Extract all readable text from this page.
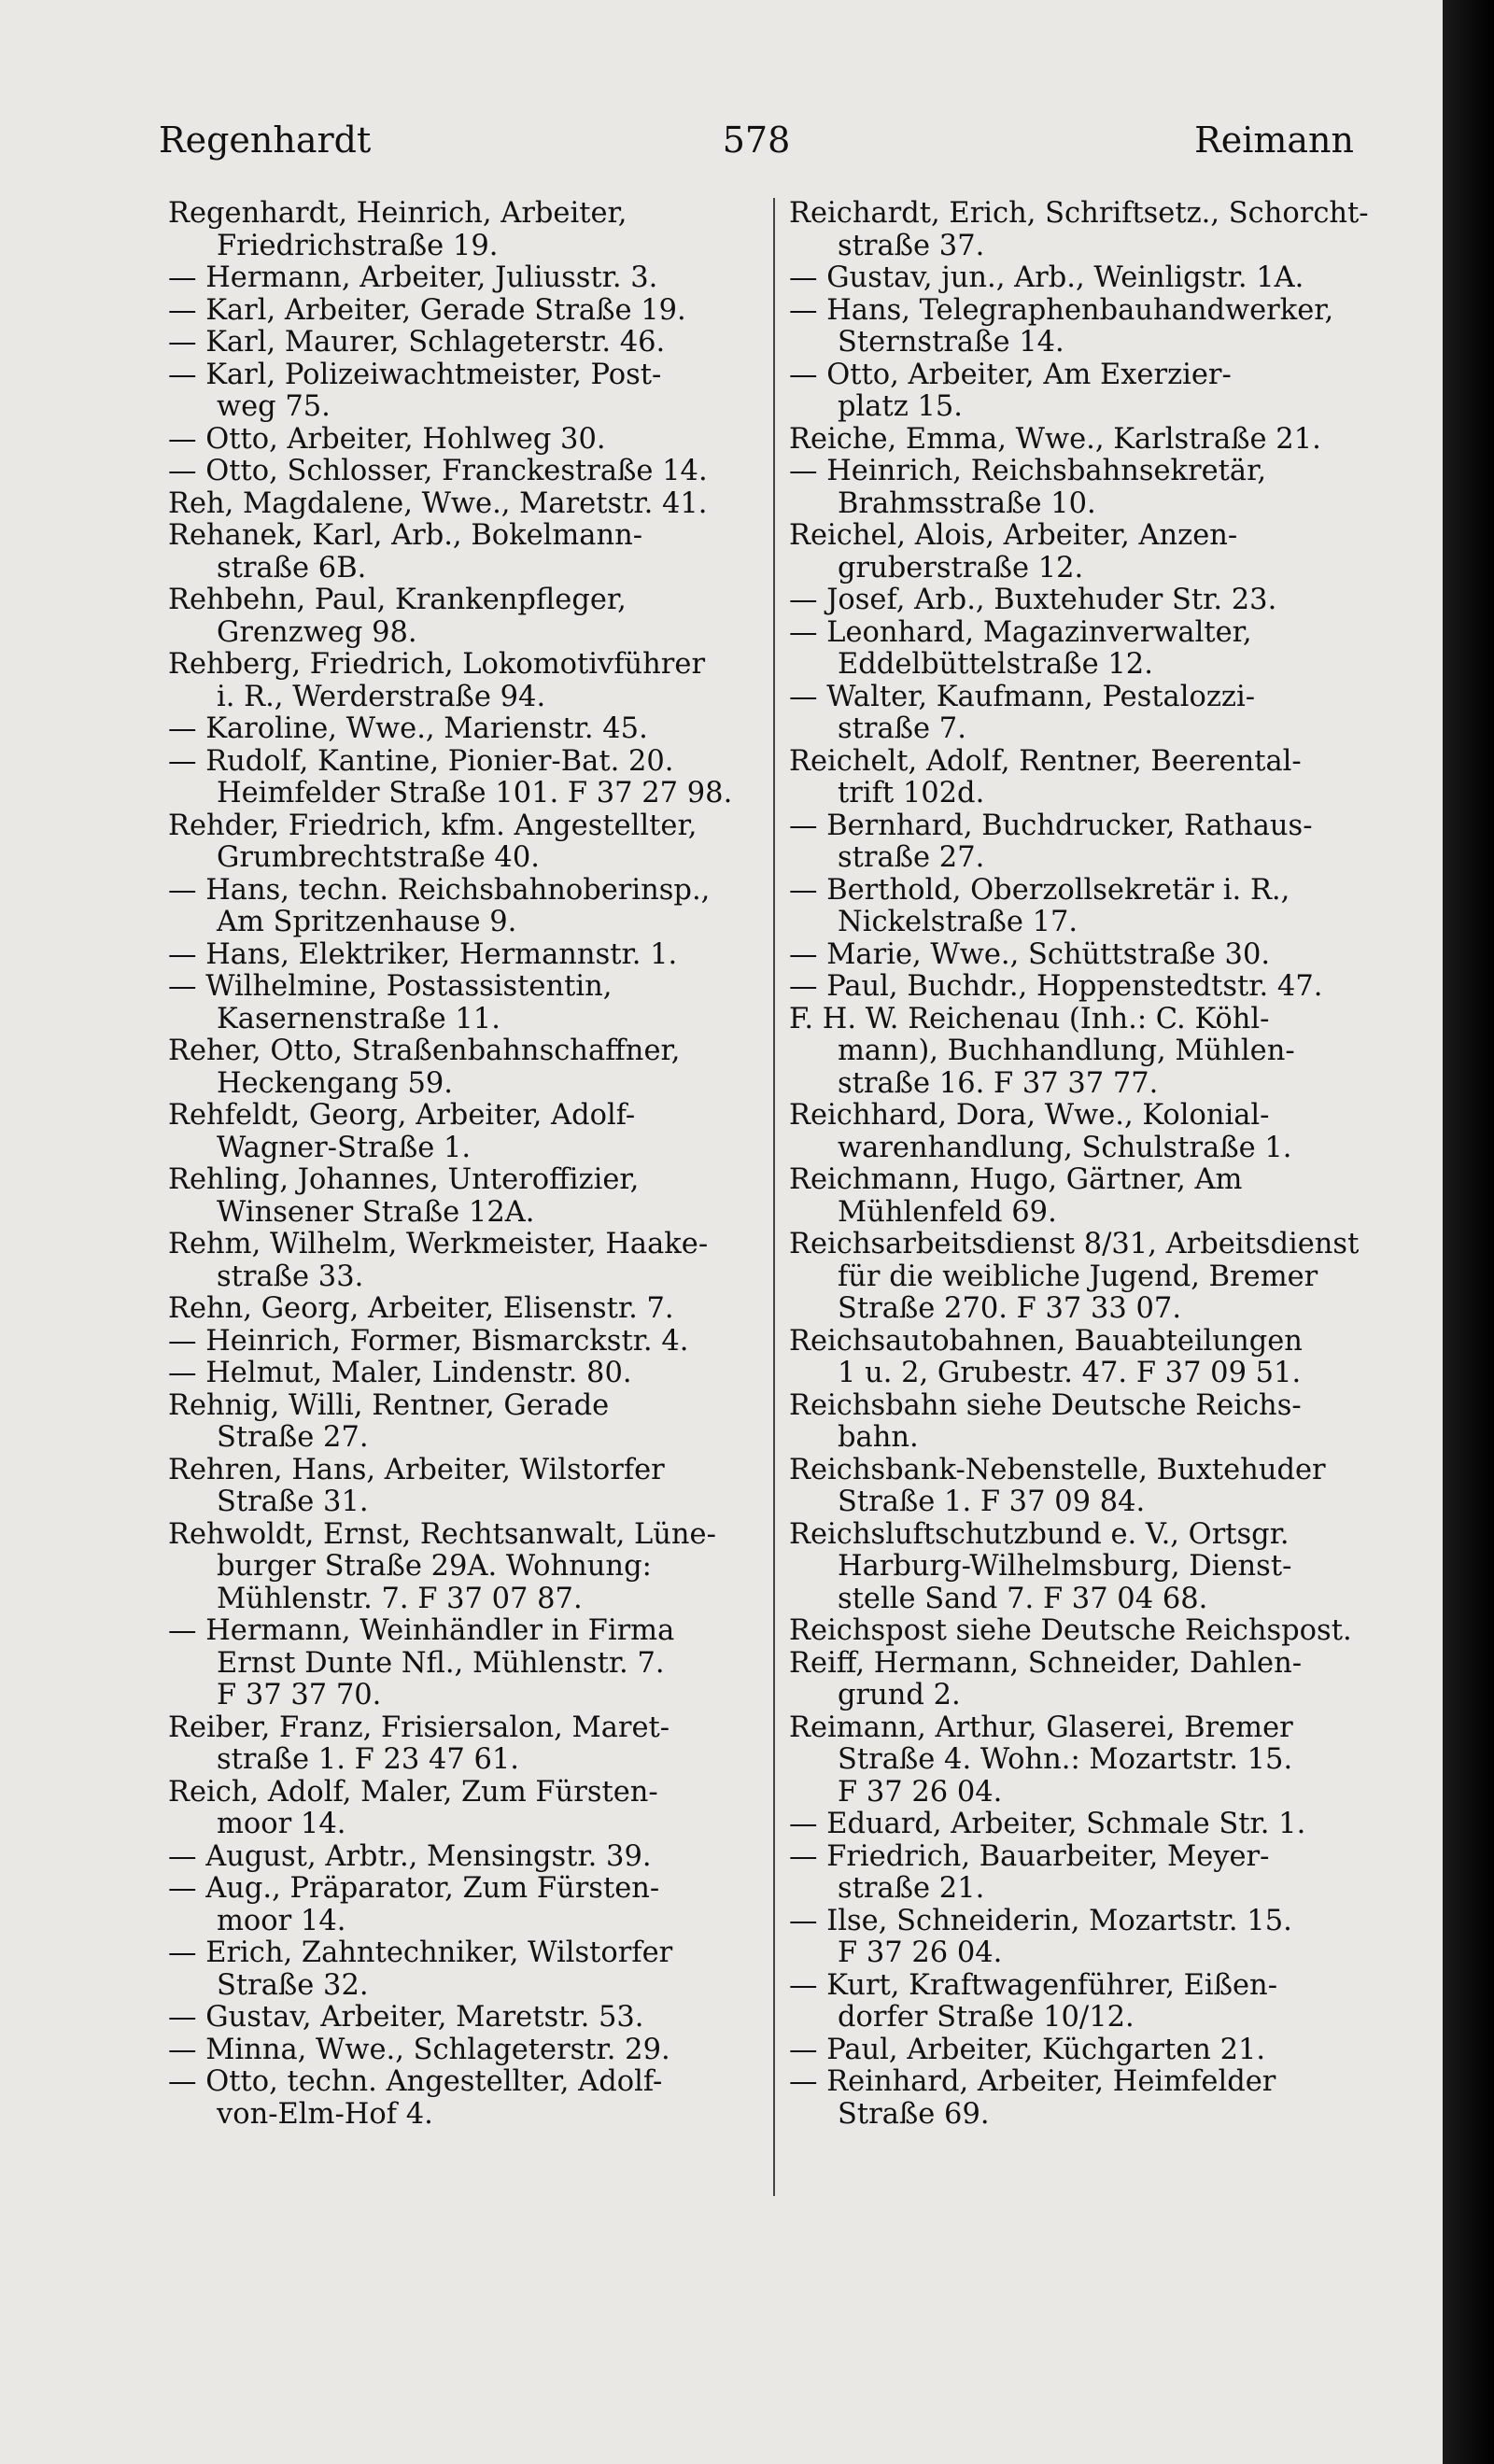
Regenhardt	578	Reimann
Regenhardt, Heinrich, Arbeiter,
Friedrichstraße 19.
— Hermann, Arbeiter, Juliusstr. 3.
— Karl, Arbeiter, Gerade Straße 19.
— Karl, Maurer, Schlageterstr. 46.
— Karl, Polizeiwachtmeister, Post-
weg 75.
— Otto, Arbeiter, Hohlweg 30.
— Otto, Schlosser, Franckestraße 14.
Reh, Magdalene, Wwe., Maretstr. 41.
Rehanek, Karl, Arb., Bokelmann-
straße 6B.
Rehbehn, Paul, Krankenpfleger,
Grenzweg 98.
Rehberg, Friedrich, Lokomotivführer
i. R., Werderstraße 94.
— Karoline, Wwe., Marienstr. 45.
— Rudolf, Kantine, Pionier-Bat. 20.
Heimfelder Straße 101. F 37 27 98.
Rehder, Friedrich, kfm. Angestellter,
Grumbrechtstraße 40.
— Hans, techn. Reichsbahnoberinsp.,
Am Spritzenhause 9.
— Hans, Elektriker, Hermannstr. 1.
— Wilhelmine, Postassistentin,
Kasernenstraße 11.
Reher, Otto, Straßenbahnschaffner,
Heckengang 59.
Rehfeldt, Georg, Arbeiter, Adolf-
Wagner-Straße 1.
Rehling, Johannes, Unteroffizier,
Winsener Straße 12A.
Rehm, Wilhelm, Werkmeister, Haake-
straße 33.
Rehn, Georg, Arbeiter, Elisenstr. 7.
— Heinrich, Former, Bismarckstr. 4.
— Helmut, Maler, Lindenstr. 80.
Rehnig, Willi, Rentner, Gerade
Straße 27.
Rehren, Hans, Arbeiter, Wilstorfer
Straße 31.
Rehwoldt, Ernst, Rechtsanwalt, Lüne-
burger Straße 29A. Wohnung:
Mühlenstr. 7. F 37 07 87.
— Hermann, Weinhändler in Firma
Ernst Dunte Nfl., Mühlenstr. 7.
F 37 37 70.
Reiber, Franz, Frisiersalon, Maret-
straße 1. F 23 47 61.
Reich, Adolf, Maler, Zum Fürsten-
moor 14.
— August, Arbtr., Mensingstr. 39.
— Aug., Präparator, Zum Fürsten-
moor 14.
— Erich, Zahntechniker, Wilstorfer
Straße 32.
— Gustav, Arbeiter, Maretstr. 53.
— Minna, Wwe., Schlageterstr. 29.
— Otto, techn. Angestellter, Adolf-
von-Elm-Hof 4.
Reichardt, Erich, Schriftsetz., Schorcht-
straße 37.
— Gustav, jun., Arb., Weinligstr. 1A.
— Hans, Telegraphenbauhandwerker,
Sternstraße 14.
— Otto, Arbeiter, Am Exerzier-
platz 15.
Reiche, Emma, Wwe., Karlstraße 21.
— Heinrich, Reichsbahnsekretär,
Brahmsstraße 10.
Reichel, Alois, Arbeiter, Anzen-
gruberstraße 12.
— Josef, Arb., Buxtehuder Str. 23.
— Leonhard, Magazinverwalter,
Eddelbüttelstraße 12.
— Walter, Kaufmann, Pestalozzi-
straße 7.
Reichelt, Adolf, Rentner, Beerental-
trift 102d.
— Bernhard, Buchdrucker, Rathaus-
straße 27.
— Berthold, Oberzollsekretär i. R.,
Nickelstraße 17.
— Marie, Wwe., Schüttstraße 30.
— Paul, Buchdr., Hoppenstedtstr. 47.
F. H. W. Reichenau (Inh.: C. Köhl-
mann), Buchhandlung, Mühlen-
straße 16. F 37 37 77.
Reichhard, Dora, Wwe., Kolonial-
warenhandlung, Schulstraße 1.
Reichmann, Hugo, Gärtner, Am
Mühlenfeld 69.
Reichsarbeitsdienst 8/31, Arbeitsdienst
für die weibliche Jugend, Bremer
Straße 270. F 37 33 07.
Reichsautobahnen, Bauabteilungen
1 u. 2, Grubestr. 47. F 37 09 51.
Reichsbahn siehe Deutsche Reichs-
bahn.
Reichsbank-Nebenstelle, Buxtehuder
Straße 1. F 37 09 84.
Reichsluftschutzbund e. V., Ortsgr.
Harburg-Wilhelmsburg, Dienst-
stelle Sand 7. F 37 04 68.
Reichspost siehe Deutsche Reichspost.
Reiff, Hermann, Schneider, Dahlen-
grund 2.
Reimann, Arthur, Glaserei, Bremer
Straße 4. Wohn.: Mozartstr. 15.
F 37 26 04.
— Eduard, Arbeiter, Schmale Str. 1.
— Friedrich, Bauarbeiter, Meyer-
straße 21.
— Ilse, Schneiderin, Mozartstr. 15.
F 37 26 04.
— Kurt, Kraftwagenführer, Eißen-
dorfer Straße 10/12.
— Paul, Arbeiter, Küchgarten 21.
— Reinhard, Arbeiter, Heimfelder
Straße 69.
